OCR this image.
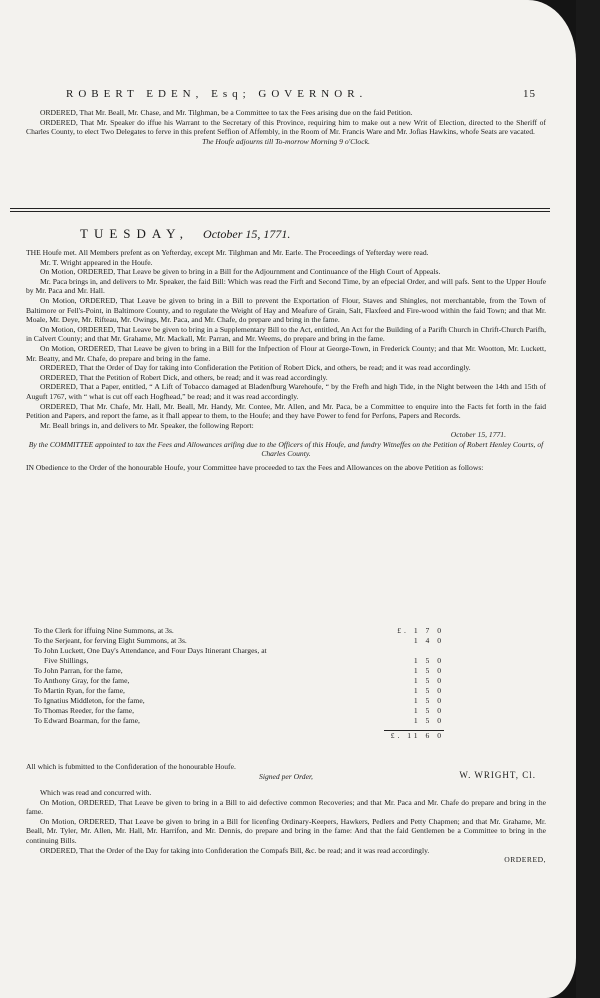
ROBERT EDEN, Esq; GOVERNOR.	15

ORDERED, That Mr. Beall, Mr. Chase, and Mr. Tilghman, be a Committee to tax the Fees arising due on the faid Petition.

ORDERED, That Mr. Speaker do iffue his Warrant to the Secretary of this Province, requiring him to make out a new Writ of Election, directed to the Sheriff of Charles County, to elect Two Delegates to ferve in this prefent Seffion of Affembly, in the Room of Mr. Francis Ware and Mr. Jofias Hawkins, whofe Seats are vacated.

The Houfe adjourns till To-morrow Morning 9 o'Clock.

TUESDAY, October 15, 1771.

THE Houfe met. All Members prefent as on Yefterday, except Mr. Tilghman and Mr. Earle. The Proceedings of Yefterday were read.

Mr. T. Wright appeared in the Houfe.

On Motion, ORDERED, That Leave be given to bring in a Bill for the Adjournment and Continuance of the High Court of Appeals.

Mr. Paca brings in, and delivers to Mr. Speaker, the faid Bill: Which was read the Firft and Second Time, by an efpecial Order, and will pafs. Sent to the Upper Houfe by Mr. Paca and Mr. Hall.

On Motion, ORDERED, That Leave be given to bring in a Bill to prevent the Exportation of Flour, Staves and Shingles, not merchantable, from the Town of Baltimore or Fell's-Point, in Baltimore County, and to regulate the Weight of Hay and Meafure of Grain, Salt, Flaxfeed and Fire-wood within the faid Town; and that Mr. Moale, Mr. Deye, Mr. Rifteau, Mr. Owings, Mr. Paca, and Mr. Chafe, do prepare and bring in the fame.

On Motion, ORDERED, That Leave be given to bring in a Supplementary Bill to the Act, entitled, An Act for the Building of a Parifh Church in Chrift-Church Parifh, in Calvert County; and that Mr. Grahame, Mr. Mackall, Mr. Parran, and Mr. Weems, do prepare and bring in the fame.

On Motion, ORDERED, That Leave be given to bring in a Bill for the Infpection of Flour at George-Town, in Frederick County; and that Mr. Wootton, Mr. Luckett, Mr. Beatty, and Mr. Chafe, do prepare and bring in the fame.

ORDERED, That the Order of Day for taking into Confideration the Petition of Robert Dick, and others, be read; and it was read accordingly.

ORDERED, That the Petition of Robert Dick, and others, be read; and it was read accordingly.

ORDERED, That a Paper, entitled, “ A Lift of Tobacco damaged at Bladenfburg Warehoufe, “ by the Frefh and high Tide, in the Night between the 14th and 15th of Auguft 1767, with “ what is cut off each Hogfhead,” be read; and it was read accordingly.

ORDERED, That Mr. Chafe, Mr. Hall, Mr. Beall, Mr. Handy, Mr. Contee, Mr. Allen, and Mr. Paca, be a Committee to enquire into the Facts fet forth in the faid Petition and Papers, and report the fame, as it fhall appear to them, to the Houfe; and they have Power to fend for Perfons, Papers and Records.

Mr. Beall brings in, and delivers to Mr. Speaker, the following Report:

October 15, 1771.

By the COMMITTEE appointed to tax the Fees and Allowances arifing due to the Officers of this Houfe, and fundry Witneffes on the Petition of Robert Henley Courts, of Charles County.

IN Obedience to the Order of the honourable Houfe, your Committee have proceeded to tax the Fees and Allowances on the above Petition as follows:

To the Clerk for iffuing Nine Summons, at 3s.	£. 1 7 0
To the Serjeant, for ferving Eight Summons, at 3s.	1 4 0
To John Luckett, One Day's Attendance, and Four Days Itinerant Charges, at
Five Shillings,	1 5 0
To John Parran, for the fame,	1 5 0
To Anthony Gray, for the fame,	1 5 0
To Martin Ryan, for the fame,	1 5 0
To Ignatius Middleton, for the fame,	1 5 0
To Thomas Reeder, for the fame,	1 5 0
To Edward Boarman, for the fame,	1 5 0
£. 11 6 0

All which is fubmitted to the Confideration of the honourable Houfe.

Signed per Order,	W. WRIGHT, Cl.

Which was read and concurred with.

On Motion, ORDERED, That Leave be given to bring in a Bill to aid defective common Recoveries; and that Mr. Paca and Mr. Chafe do prepare and bring in the fame.

On Motion, ORDERED, That Leave be given to bring in a Bill for licenfing Ordinary-Keepers, Hawkers, Pedlers and Petty Chapmen; and that Mr. Grahame, Mr. Beall, Mr. Tyler, Mr. Allen, Mr. Hall, Mr. Harrifon, and Mr. Dennis, do prepare and bring in the fame: And that the faid Gentlemen be a Committee to bring in the continuing Bills.

ORDERED, That the Order of the Day for taking into Confideration the Compafs Bill, &c. be read; and it was read accordingly.

ORDERED,
